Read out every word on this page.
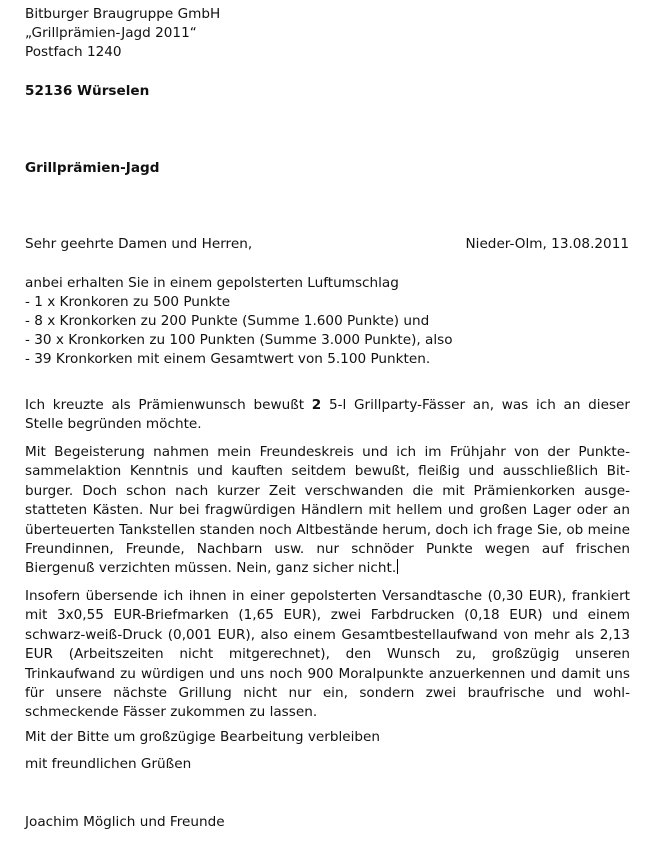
Bitburger Braugruppe GmbH
„Grillprämien-Jagd 2011“
Postfach 1240
52136 Würselen
Grillprämien-Jagd
Sehr geehrte Damen und Herren,	Nieder-Olm, 13.08.2011
anbei erhalten Sie in einem gepolsterten Luftumschlag
- 1 x Kronkoren zu 500 Punkte
- 8 x Kronkorken zu 200 Punkte (Summe 1.600 Punkte) und
- 30 x Kronkorken zu 100 Punkten (Summe 3.000 Punkte), also
- 39 Kronkorken mit einem Gesamtwert von 5.100 Punkten.
Ich kreuzte als Prämienwunsch bewußt 2 5-l Grillparty-Fässer an, was ich an dieser Stelle begründen möchte.
Mit Begeisterung nahmen mein Freundeskreis und ich im Frühjahr von der Punktesammelaktion Kenntnis und kauften seitdem bewußt, fleißig und ausschließlich Bitburger. Doch schon nach kurzer Zeit verschwanden die mit Prämienkorken ausgestatteten Kästen. Nur bei fragwürdigen Händlern mit hellem und großen Lager oder an überteuerten Tankstellen standen noch Altbestände herum, doch ich frage Sie, ob meine Freundinnen, Freunde, Nachbarn usw. nur schnöder Punkte wegen auf frischen Biergenuß verzichten müssen. Nein, ganz sicher nicht.
Insofern übersende ich ihnen in einer gepolsterten Versandtasche (0,30 EUR), frankiert mit 3x0,55 EUR-Briefmarken (1,65 EUR), zwei Farbdrucken (0,18 EUR) und einem schwarz-weiß-Druck (0,001 EUR), also einem Gesamtbestellaufwand von mehr als 2,13 EUR (Arbeitszeiten nicht mitgerechnet), den Wunsch zu, großzügig unseren Trinkaufwand zu würdigen und uns noch 900 Moralpunkte anzuerkennen und damit uns für unsere nächste Grillung nicht nur ein, sondern zwei braufrische und wohlschmeckende Fässer zukommen zu lassen.
Mit der Bitte um großzügige Bearbeitung verbleiben
mit freundlichen Grüßen
Joachim Möglich und Freunde
